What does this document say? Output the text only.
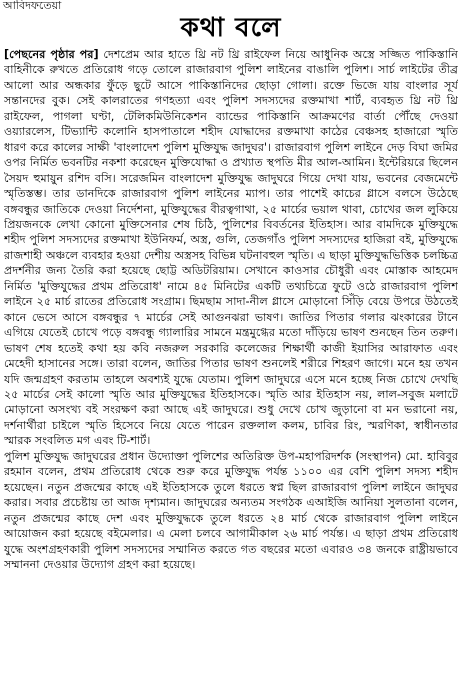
আবিদফতেয়া
কথা বলে

[পেছনের পৃষ্ঠার পর] দেশপ্রেম আর হাতে থ্রি নট থ্রি রাইফেল নিয়ে আধুনিক অস্ত্রে সজ্জিত পাকিস্তানি বাহিনীকে রুখতে প্রতিরোধ গড়ে তোলে রাজারবাগ পুলিশ লাইনের বাঙালি পুলিশ। সার্চ লাইটের তীব্র আলো আর অন্ধকার ফুঁড়ে ছুটে আসে পাকিস্তানিদের ছোড়া গোলা। রক্তে ভিজে যায় বাংলার সূর্য সন্তানদের বুক। সেই কালরাতের গণহত্যা এবং পুলিশ সদস্যদের রক্তমাখা শার্ট, ব্যবহৃত থ্রি নট থ্রি রাইফেল, পাগলা ঘণ্টা, টেলিকমিউনিকেশন ব্যান্ডের পাকিস্তানি আক্রমণের বার্তা পৌঁছে দেওয়া ওয়্যারলেস, টিভ্যান্টি কলোনি হাসপাতালে শহীদ যোদ্ধাদের রক্তমাখা কাঠের বেঞ্চসহ হাজারো স্মৃতি ধারণ করে কালের সাক্ষী 'বাংলাদেশ পুলিশ মুক্তিযুদ্ধ জাদুঘর'। রাজারবাগ পুলিশ লাইনে দেড় বিঘা জমির ওপর নির্মিত ভবনটির নকশা করেছেন মুক্তিযোদ্ধা ও প্রখ্যাত স্থপতি মীর আল-আমিন। ইন্টেরিয়রে ছিলেন সৈয়দ হুমায়ুন রশিদ বসি। সরেজমিন বাংলাদেশ মুক্তিযুদ্ধ জাদুঘরে গিয়ে দেখা যায়, ভবনের বেজমেন্টে স্মৃতিস্তম্ভ। তার ডানদিকে রাজারবাগ পুলিশ লাইনের ম্যাপ। তার পাশেই কাচের গ্লাসে বলসে উঠেছে বঙ্গবন্ধুর জাতিকে দেওয়া নির্দেশনা, মুক্তিযুদ্ধের বীরত্বগাথা, ২৫ মার্চের ভয়াল থাবা, চোখের জল লুকিয়ে প্রিয়জনকে লেখা কোনো মুক্তিসেনার শেষ চিঠি, পুলিশের বিবর্তনের ইতিহাস। আর বামদিকে মুক্তিযুদ্ধে শহীদ পুলিশ সদস্যদের রক্তমাখা ইউনিফর্ম, অস্ত্র, গুলি, তেজগাঁও পুলিশ সদস্যদের হাজিরা বই, মুক্তিযুদ্ধে রাজশাহী অঞ্চলে ব্যবহার হওয়া দেশীয় অস্ত্রসহ বিভিন্ন ঘটনাবহুল স্মৃতি। এ ছাড়া মুক্তিযুদ্ধভিত্তিক চলচ্চিত্র প্রদর্শনীর জন্য তৈরি করা হয়েছে ছোট্ট অডিটরিয়াম। সেখানে কাওসার চৌধুরী এবং মোস্তাক আহমেদ নির্মিত 'মুক্তিযুদ্ধের প্রথম প্রতিরোধ' নামে ৪৫ মিনিটের একটি তথ্যচিত্রে ফুটে ওঠে রাজারবাগ পুলিশ লাইনে ২৫ মার্চ রাতের প্রতিরোধ সংগ্রাম। ছিমছাম সাদা-নীল গ্লাসে মোড়ানো সিঁড়ি বেয়ে উপরে উঠতেই কানে ভেসে আসে বঙ্গবন্ধুর ৭ মার্চের সেই আগুনঝরা ভাষণ। জাতির পিতার গলার ঝংকারের টানে এগিয়ে যেতেই চোখে পড়ে বঙ্গবন্ধু গ্যালারির সামনে মন্ত্রমুগ্ধের মতো দাঁড়িয়ে ভাষণ শুনছেন তিন তরুণ। ভাষণ শেষ হতেই কথা হয় কবি নজরুল সরকারি কলেজের শিক্ষার্থী কাজী ইয়াসির আরাফাত এবং মেহেদী হাসানের সঙ্গে। তারা বলেন, জাতির পিতার ভাষণ শুনলেই শরীরে শিহরণ জাগে। মনে হয় তখন যদি জন্মগ্রহণ করতাম তাহলে অবশ্যই যুদ্ধে যেতাম। পুলিশ জাদুঘরে এসে মনে হচ্ছে নিজ চোখে দেখছি ২৫ মার্চের সেই কালো স্মৃতি আর মুক্তিযুদ্ধের ইতিহাসকে। স্মৃতি আর ইতিহাস নয়, লাল-সবুজ মলাটে মোড়ানো অসংখ্য বই সংরক্ষণ করা আছে এই জাদুঘরে। শুধু দেখে চোখ জুড়ানো বা মন ভরানো নয়, দর্শনার্থীরা চাইলে স্মৃতি হিসেবে নিয়ে যেতে পারেন রক্তলাল কলম, চাবির রিং, স্মরণিকা, স্বাধীনতার স্মারক সংবলিত মগ এবং টি-শার্ট।

পুলিশ মুক্তিযুদ্ধ জাদুঘরের প্রধান উদ্যোক্তা পুলিশের অতিরিক্ত উপ-মহাপরিদর্শক (সংস্থাপন) মো. হাবিবুর রহমান বলেন, প্রথম প্রতিরোধ থেকে শুরু করে মুক্তিযুদ্ধ পর্যন্ত ১১০০ এর বেশি পুলিশ সদস্য শহীদ হয়েছেন। নতুন প্রজন্মের কাছে এই ইতিহাসকে তুলে ধরতে স্বপ্ন ছিল রাজারবাগ পুলিশ লাইনে জাদুঘর করার। সবার প্রচেষ্টায় তা আজ দৃশ্যমান। জাদুঘরের অন্যতম সংগঠক এআইজি আনিয়া সুলতানা বলেন, নতুন প্রজন্মের কাছে দেশ এবং মুক্তিযুদ্ধকে তুলে ধরতে ২৪ মার্চ থেকে রাজারবাগ পুলিশ লাইনে আয়োজন করা হয়েছে বইমেলার। এ মেলা চলবে আগামীকাল ২৬ মার্চ পর্যন্ত। এ ছাড়া প্রথম প্রতিরোধ যুদ্ধে অংশগ্রহণকারী পুলিশ সদস্যদের সম্মানিত করতে গত বছরের মতো এবারও ৩৪ জনকে রাষ্ট্রীয়ভাবে সম্মাননা দেওয়ার উদ্যোগ গ্রহণ করা হয়েছে।
